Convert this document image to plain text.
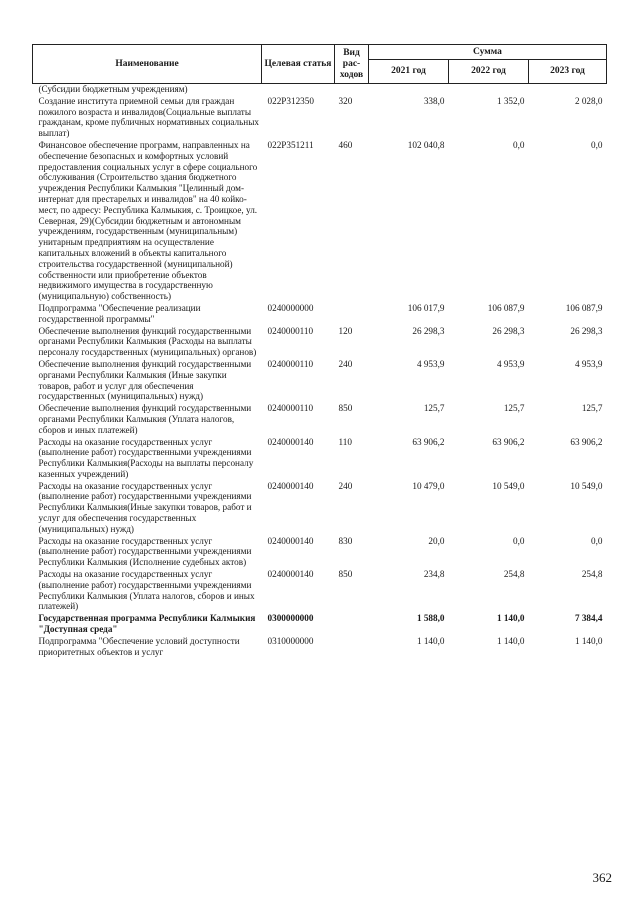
Наименование	Целевая статья	Вид рас-ходов	Сумма		
			2021 год	2022 год	2023 год
(Субсидии бюджетным учреждениям)					
Создание института приемной семьи для граждан пожилого возраста и инвалидов(Социальные выплаты гражданам, кроме публичных нормативных социальных выплат)	022P312350	320	338,0	1 352,0	2 028,0
Финансовое обеспечение программ, направленных на обеспечение безопасных и комфортных условий предоставления социальных услуг в сфере социального обслуживания (Строительство здания бюджетного учреждения Республики Калмыкия "Целинный дом-интернат для престарелых и инвалидов" на 40 койко-мест, по адресу: Республика Калмыкия, с. Троицкое, ул. Северная, 29)(Субсидии бюджетным и автономным учреждениям, государственным (муниципальным) унитарным предприятиям на осуществление капитальных вложений в объекты капитального строительства государственной (муниципальной) собственности или приобретение объектов недвижимого имущества в государственную (муниципальную) собственность)	022P351211	460	102 040,8	0,0	0,0
Подпрограмма "Обеспечение реализации государственной программы"	0240000000		106 017,9	106 087,9	106 087,9
Обеспечение выполнения функций государственными органами Республики Калмыкия (Расходы на выплаты персоналу государственных (муниципальных) органов)	0240000110	120	26 298,3	26 298,3	26 298,3
Обеспечение выполнения функций государственными органами Республики Калмыкия (Иные закупки товаров, работ и услуг для обеспечения государственных (муниципальных) нужд)	0240000110	240	4 953,9	4 953,9	4 953,9
Обеспечение выполнения функций государственными органами Республики Калмыкия (Уплата налогов, сборов и иных платежей)	0240000110	850	125,7	125,7	125,7
Расходы на оказание государственных услуг (выполнение работ) государственными учреждениями Республики Калмыкия(Расходы на выплаты персоналу казенных учреждений)	0240000140	110	63 906,2	63 906,2	63 906,2
Расходы на оказание государственных услуг (выполнение работ) государственными учреждениями Республики Калмыкия(Иные закупки товаров, работ и услуг для обеспечения государственных (муниципальных) нужд)	0240000140	240	10 479,0	10 549,0	10 549,0
Расходы на оказание государственных услуг (выполнение работ) государственными учреждениями Республики Калмыкия (Исполнение судебных актов)	0240000140	830	20,0	0,0	0,0
Расходы на оказание государственных услуг (выполнение работ) государственными учреждениями Республики Калмыкия (Уплата налогов, сборов и иных платежей)	0240000140	850	234,8	254,8	254,8
Государственная программа Республики Калмыкия "Доступная среда"	0300000000		1 588,0	1 140,0	7 384,4
Подпрограмма "Обеспечение условий доступности приоритетных объектов и услуг	0310000000		1 140,0	1 140,0	1 140,0
362
